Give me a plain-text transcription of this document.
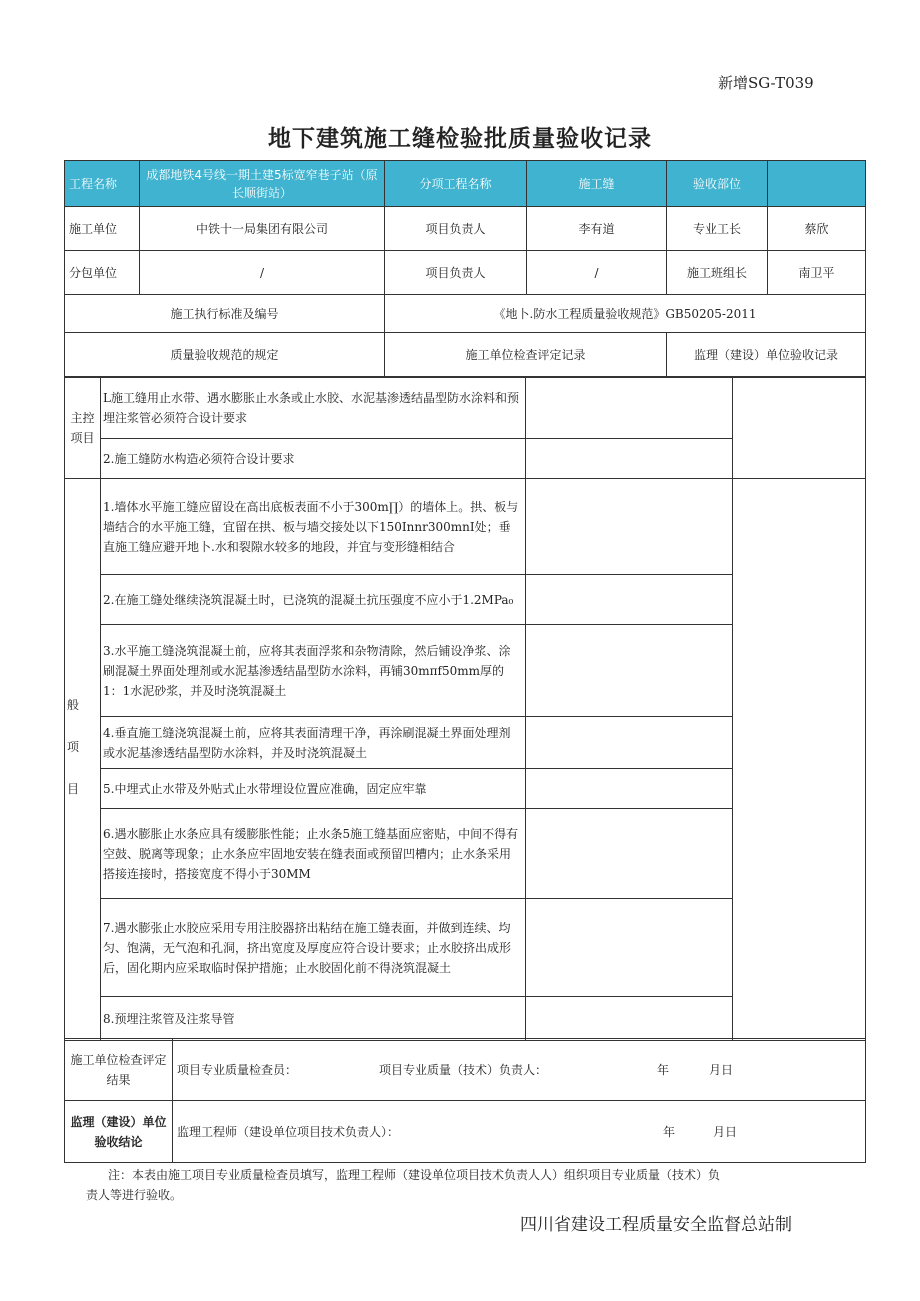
新增SG-T039
地下建筑施工缝检验批质量验收记录
工程名称	成都地铁4号线一期土建5标宽窄巷子站（原长顺街站）	分项工程名称	施工缝	验收部位	
施工单位	中铁十一局集团有限公司	项目负责人	李有道	专业工长	蔡欣
分包单位	/	项目负责人	/	施工班组长	南卫平
施工执行标准及编号		《地卜.防水工程质量验收规范》GB50205-2011			
质量验收规范的规定		施工单位检查评定记录		监理（建设）单位验收记录	
主控项目	L施工缝用止水带、遇水膨胀止水条或止水胶、水泥基渗透结晶型防水涂料和预埋注浆管必须符合设计要求		
	2.施工缝防水构造必须符合设计要求		

般
项
目	1.墙体水平施工缝应留设在高出底板表面不小于300m∏）的墙体上。拱、板与墙结合的水平施工缝，宜留在拱、板与墙交接处以下150Innr300mnI处；垂直施工缝应避开地卜.水和裂隙水较多的地段，并宜与变形缝相结合		
	2.在施工缝处继续浇筑混凝土时，已浇筑的混凝土抗压强度不应小于1.2MPa₀		
	3.水平施工缝浇筑混凝土前，应将其表面浮浆和杂物清除，然后铺设净浆、涂刷混凝土界面处理剂或水泥基渗透结晶型防水涂料，再铺30mπf50mm厚的1：1水泥砂浆，并及时浇筑混凝土		
	4.垂直施工缝浇筑混凝土前，应将其表面清理干净，再涂刷混凝土界面处理剂或水泥基渗透结晶型防水涂料，并及时浇筑混凝土		
	5.中埋式止水带及外贴式止水带埋设位置应准确，固定应牢靠		
	6.遇水膨胀止水条应具有缓膨胀性能；止水条5施工缝基面应密贴，中间不得有空鼓、脱离等现象；止水条应牢固地安装在缝表面或预留凹槽内；止水条采用搭接连接时，搭接宽度不得小于30MM		
	7.遇水膨张止水胶应采用专用注胶器挤出粘结在施工缝表面，并做到连续、均匀、饱满，无气泡和孔洞，挤出宽度及厚度应符合设计要求；止水胶挤出成形后，固化期内应采取临时保护措施；止水胶固化前不得浇筑混凝土		
	8.预埋注浆管及注浆导管		
施工单位检查评定结果	项目专业质量检查员： 项目专业质量（技术）负责人： 年 月日
监理（建设）单位验收结论	监理工程师（建设单位项目技术负责人）： 年 月日
注：本表由施工项目专业质量检查员填写，监理工程师（建设单位项目技术负责人人）组织项目专业质量（技术）负
责人等进行验收。
四川省建设工程质量安全监督总站制
